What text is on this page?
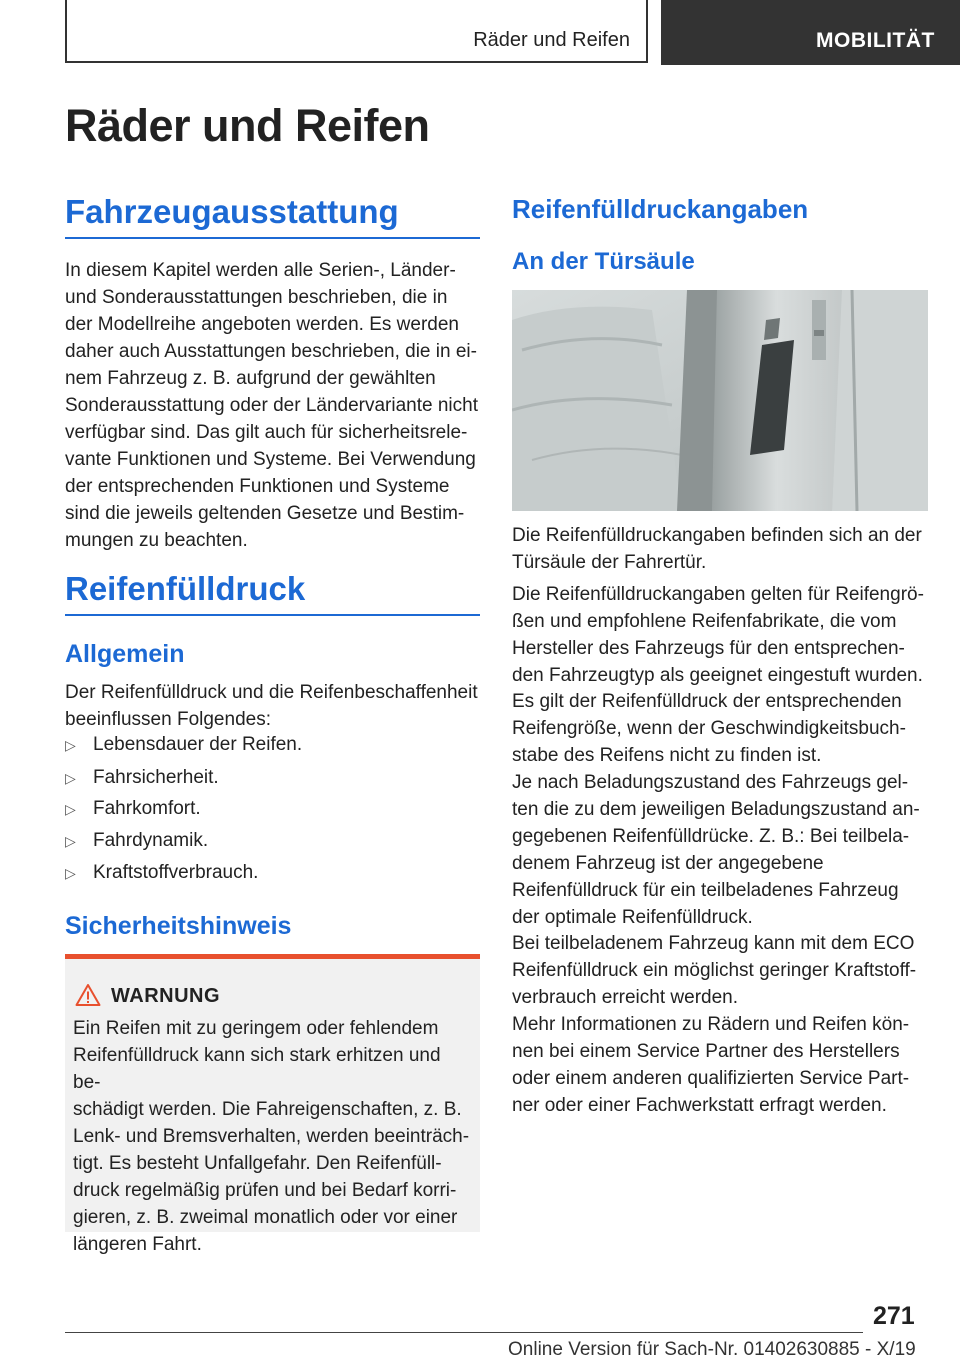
Räder und Reifen	MOBILITÄT
Räder und Reifen
Fahrzeugausstattung
In diesem Kapitel werden alle Serien-, Länder-
und Sonderausstattungen beschrieben, die in
der Modellreihe angeboten werden. Es werden
daher auch Ausstattungen beschrieben, die in ei-
nem Fahrzeug z. B. aufgrund der gewählten
Sonderausstattung oder der Ländervariante nicht
verfügbar sind. Das gilt auch für sicherheitsrele-
vante Funktionen und Systeme. Bei Verwendung
der entsprechenden Funktionen und Systeme
sind die jeweils geltenden Gesetze und Bestim-
mungen zu beachten.
Reifenfülldruck
Allgemein
Der Reifenfülldruck und die Reifenbeschaffenheit
beeinflussen Folgendes:
▷ Lebensdauer der Reifen.
▷ Fahrsicherheit.
▷ Fahrkomfort.
▷ Fahrdynamik.
▷ Kraftstoffverbrauch.
Sicherheitshinweis
WARNUNG
Ein Reifen mit zu geringem oder fehlendem
Reifenfülldruck kann sich stark erhitzen und be-
schädigt werden. Die Fahreigenschaften, z. B.
Lenk- und Bremsverhalten, werden beeinträch-
tigt. Es besteht Unfallgefahr. Den Reifenfüll-
druck regelmäßig prüfen und bei Bedarf korri-
gieren, z. B. zweimal monatlich oder vor einer
längeren Fahrt.
Reifenfülldruckangaben
An der Türsäule
Die Reifenfülldruckangaben befinden sich an der
Türsäule der Fahrertür.
Die Reifenfülldruckangaben gelten für Reifengrö-
ßen und empfohlene Reifenfabrikate, die vom
Hersteller des Fahrzeugs für den entsprechen-
den Fahrzeugtyp als geeignet eingestuft wurden.
Es gilt der Reifenfülldruck der entsprechenden
Reifengröße, wenn der Geschwindigkeitsbuch-
stabe des Reifens nicht zu finden ist.
Je nach Beladungszustand des Fahrzeugs gel-
ten die zu dem jeweiligen Beladungszustand an-
gegebenen Reifenfülldrücke. Z. B.: Bei teilbela-
denem Fahrzeug ist der angegebene
Reifenfülldruck für ein teilbeladenes Fahrzeug
der optimale Reifenfülldruck.
Bei teilbeladenem Fahrzeug kann mit dem ECO
Reifenfülldruck ein möglichst geringer Kraftstoff-
verbrauch erreicht werden.
Mehr Informationen zu Rädern und Reifen kön-
nen bei einem Service Partner des Herstellers
oder einem anderen qualifizierten Service Part-
ner oder einer Fachwerkstatt erfragt werden.
271
Online Version für Sach-Nr. 01402630885 - X/19
